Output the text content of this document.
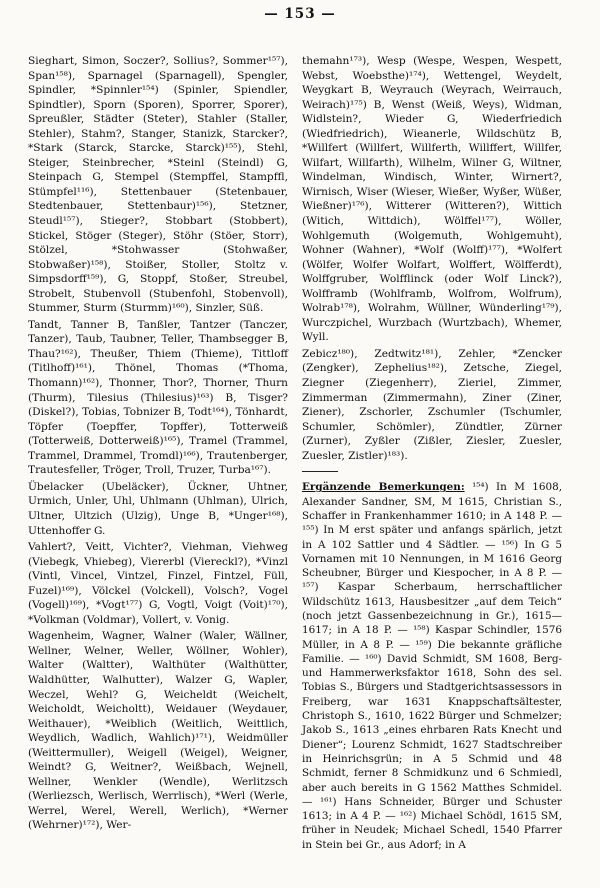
— 153 —

Sieghart, Simon, Soczer?, Sollius?, Sommer¹⁵⁷), Span¹⁵⁸), Sparnagel (Sparnagell), Spengler, Spindler, *Spinnler¹⁵⁴) (Spinler, Spiendler, Spindtler), Sporn (Sporen), Sporrer, Sporer), Spreußler, Städter (Steter), Stahler (Staller, Stehler), Stahm?, Stanger, Stanizk, Starcker?, *Stark (Starck, Starcke, Starck)¹⁵⁵), Stehl, Steiger, Steinbrecher, *Steinl (Steindl) G, Steinpach G, Stempel (Stempffel, Stampffl, Stümpfel¹¹⁶), Stettenbauer (Stetenbauer, Stedtenbauer, Stettenbaur)¹⁵⁶), Stetzner, Steudl¹⁵⁷), Stieger?, Stobbart (Stobbert), Stickel, Stöger (Steger), Stöhr (Stöer, Storr), Stölzel, *Stohwasser (Stohwaßer, Stobwaßer)¹⁵⁸), Stoißer, Stoller, Stoltz v. Simpsdorff¹⁵⁹), G, Stoppf, Stoßer, Streubel, Strobelt, Stubenvoll (Stubenfohl, Stobenvoll), Stummer, Sturm (Sturmm)¹⁶⁰), Sinzler, Süß.

Tandt, Tanner B, Tanßler, Tantzer (Tanczer, Tanzer), Taub, Taubner, Teller, Thambsegger B, Thau?¹⁶²), Theußer, Thiem (Thieme), Tittloff (Titlhoff)¹⁶¹), Thönel, Thomas (*Thoma, Thomann)¹⁶²), Thonner, Thor?, Thorner, Thurn (Thurm), Tilesius (Thilesius)¹⁶³) B, Tisger? (Diskel?), Tobias, Tobnizer B, Todt¹⁶⁴), Tönhardt, Töpfer (Toepffer, Topffer), Totterweiß (Totterweiß, Dotterweiß)¹⁶⁵), Tramel (Trammel, Trammel, Drammel, Tromdl)¹⁶⁶), Trautenberger, Trautesfeller, Tröger, Troll, Truzer, Turba¹⁶⁷).

Übelacker (Ubeläcker), Ückner, Uhtner, Urmich, Unler, Uhl, Uhlmann (Uhlman), Ulrich, Ultner, Ultzich (Ulzig), Unge B, *Unger¹⁶⁸), Uttenhoffer G.

Vahlert?, Veitt, Vichter?, Viehman, Viehweg (Viebegk, Vhiebeg), Viererbl (Viereckl?), *Vinzl (Vintl, Vincel, Vintzel, Finzel, Fintzel, Füll, Fuzel)¹⁶⁹), Völckel (Volckell), Volsch?, Vogel (Vogell)¹⁶⁹), *Vogt¹⁷⁷) G, Vogtl, Voigt (Voit)¹⁷⁰), *Volkman (Voldmar), Vollert, v. Vonig.

Wagenheim, Wagner, Walner (Waler, Wällner, Wellner, Welner, Weller, Wöllner, Wohler), Walter (Waltter), Walthüter (Walthütter, Waldhütter, Walhutter), Walzer G, Wapler, Weczel, Wehl? G, Weicheldt (Weichelt, Weicholdt, Weicholtt), Weidauer (Weydauer, Weithauer), *Weiblich (Weitlich, Weittlich, Weydlich, Wadlich, Wahlich)¹⁷¹), Weidmüller (Weittermuller), Weigell (Weigel), Weigner, Weindt? G, Weitner?, Weißbach, Wejnell, Wellner, Wenkler (Wendle), Werlitzsch (Werliezsch, Werlisch, Werrlisch), *Werl (Werle, Werrel, Werel, Werell, Werlich), *Werner (Wehrner)¹⁷²), Wer-

themahn¹⁷³), Wesp (Wespe, Wespen, Wespett, Webst, Woebsthe)¹⁷⁴), Wettengel, Weydelt, Weygkart B, Weyrauch (Weyrach, Weirrauch, Weirach)¹⁷⁵) B, Wenst (Weiß, Weys), Widman, Widlstein?, Wieder G, Wiederfriedich (Wiedfriedrich), Wieanerle, Wildschütz B, *Willfert (Willfert, Willferth, Willffert, Willfer, Wilfart, Willfarth), Wilhelm, Wilner G, Wiltner, Windelman, Windisch, Winter, Wirnert?, Wirnisch, Wiser (Wieser, Wießer, Wyßer, Wüßer, Wießner)¹⁷⁶), Witterer (Witteren?), Wittich (Witich, Wittdich), Wölffel¹⁷⁷), Wöller, Wohlgemuth (Wolgemuth, Wohlgemuht), Wohner (Wahner), *Wolf (Wolff)¹⁷⁷), *Wolfert (Wölfer, Wolfer Wolfart, Wolffert, Wölfferdt), Wolffgruber, Wolfflinck (oder Wolf Linck?), Wolfframb (Wohlframb, Wolfrom, Wolfrum), Wolrab¹⁷⁸), Wolrahm, Wüllner, Wünderling¹⁷⁹), Wurczpichel, Wurzbach (Wurtzbach), Whemer, Wyll.

Zebicz¹⁸⁰), Zedtwitz¹⁸¹), Zehler, *Zencker (Zengker), Zephelius¹⁸²), Zetsche, Ziegel, Ziegner (Ziegenherr), Zieriel, Zimmer, Zimmerman (Zimmermahn), Ziner (Ziner, Ziener), Zschorler, Zschumler (Tschumler, Schumler, Schömler), Zündtler, Zürner (Zurner), Zyßler (Zißler, Ziesler, Zuesler, Zuesler, Zistler)¹⁸³).

Ergänzende Bemerkungen: ¹⁵⁴) In M 1608, Alexander Sandner, SM, M 1615, Christian S., Schaffer in Frankenhammer 1610; in A 148 P. — ¹⁵⁵) In M erst später und anfangs spärlich, jetzt in A 102 Sattler und 4 Sädtler. — ¹⁵⁶) In G 5 Vornamen mit 10 Nennungen, in M 1616 Georg Scheubner, Bürger und Kiespocher, in A 8 P. — ¹⁵⁷) Kaspar Scherbaum, herrschaftlicher Wildschütz 1613, Hausbesitzer „auf dem Teich“ (noch jetzt Gassenbezeichnung in Gr.), 1615—1617; in A 18 P. — ¹⁵⁸) Kaspar Schindler, 1576 Müller, in A 8 P. — ¹⁵⁹) Die bekannte gräfliche Familie. — ¹⁶⁰) David Schmidt, SM 1608, Berg- und Hammerwerksfaktor 1618, Sohn des sel. Tobias S., Bürgers und Stadtgerichtsassessors in Freiberg, war 1631 Knappschaftsältester, Christoph S., 1610, 1622 Bürger und Schmelzer; Jakob S., 1613 „eines ehrbaren Rats Knecht und Diener“; Lourenz Schmidt, 1627 Stadtschreiber in Heinrichsgrün; in A 5 Schmid und 48 Schmidt, ferner 8 Schmidkunz und 6 Schmiedl, aber auch bereits in G 1562 Matthes Schmidel. — ¹⁶¹) Hans Schneider, Bürger und Schuster 1613; in A 4 P. — ¹⁶²) Michael Schödl, 1615 SM, früher in Neudek; Michael Schedl, 1540 Pfarrer in Stein bei Gr., aus Adorf; in A
